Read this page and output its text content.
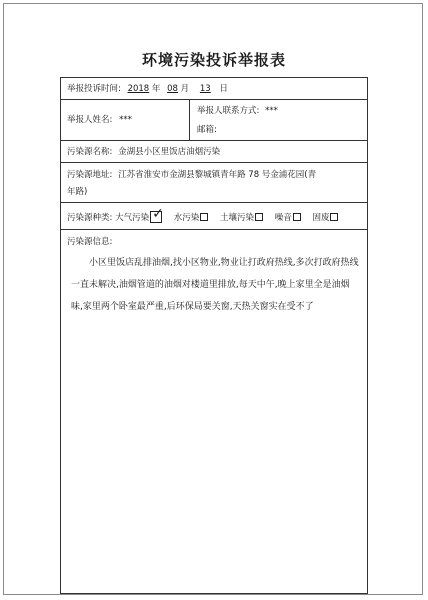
环境污染投诉举报表
举报投诉时间: 2018 年 08 月 13 日
举报人姓名: ***
举报人联系方式: ***
邮箱:
污染源名称: 金湖县小区里饭店油烟污染
污染源地址: 江苏省淮安市金湖县黎城镇青年路 78 号金浦花园(青
年路)
污染源种类: 大气污染 ✓ 水污染 土壤污染 噪音 固废
污染源信息:
小区里饭店乱排油烟,找小区物业,物业让打政府热线,多次打政府热线一直未解决,油烟管道的油烟对楼道里排放,每天中午,晚上家里全是油烟味,家里两个卧室最严重,后环保局要关窗,天热关窗实在受不了
